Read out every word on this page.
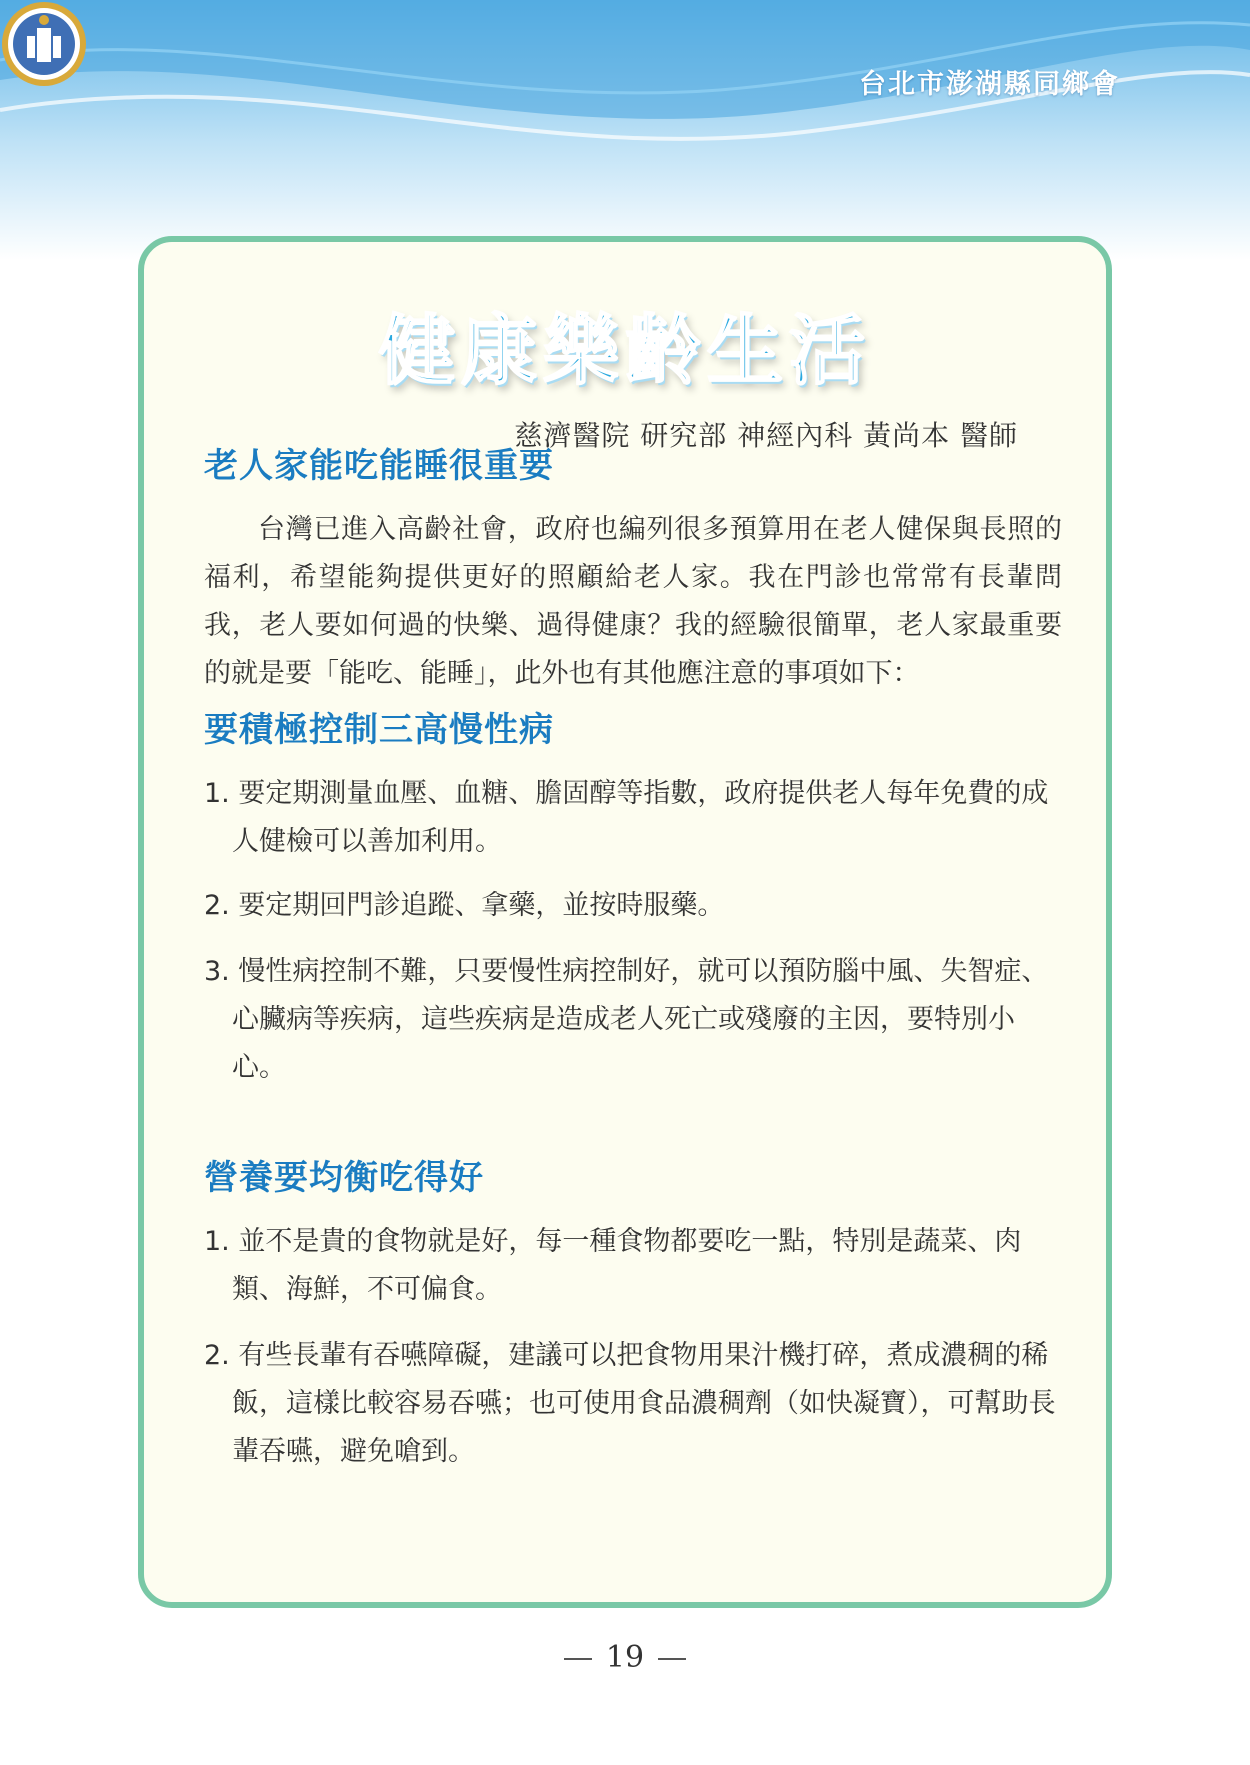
台北市澎湖縣同鄉會
健康樂齡生活
慈濟醫院 研究部 神經內科 黃尚本 醫師
老人家能吃能睡很重要

台灣已進入高齡社會，政府也編列很多預算用在老人健保與長照的福利，希望能夠提供更好的照顧給老人家。我在門診也常常有長輩問我，老人要如何過的快樂、過得健康？我的經驗很簡單，老人家最重要的就是要「能吃、能睡」，此外也有其他應注意的事項如下：

要積極控制三高慢性病

1. 要定期測量血壓、血糖、膽固醇等指數，政府提供老人每年免費的成人健檢可以善加利用。

2. 要定期回門診追蹤、拿藥，並按時服藥。

3. 慢性病控制不難，只要慢性病控制好，就可以預防腦中風、失智症、心臟病等疾病，這些疾病是造成老人死亡或殘廢的主因，要特別小心。

營養要均衡吃得好

1. 並不是貴的食物就是好，每一種食物都要吃一點，特別是蔬菜、肉類、海鮮，不可偏食。

2. 有些長輩有吞嚥障礙，建議可以把食物用果汁機打碎，煮成濃稠的稀飯，這樣比較容易吞嚥；也可使用食品濃稠劑（如快凝寶），可幫助長輩吞嚥，避免嗆到。

19
